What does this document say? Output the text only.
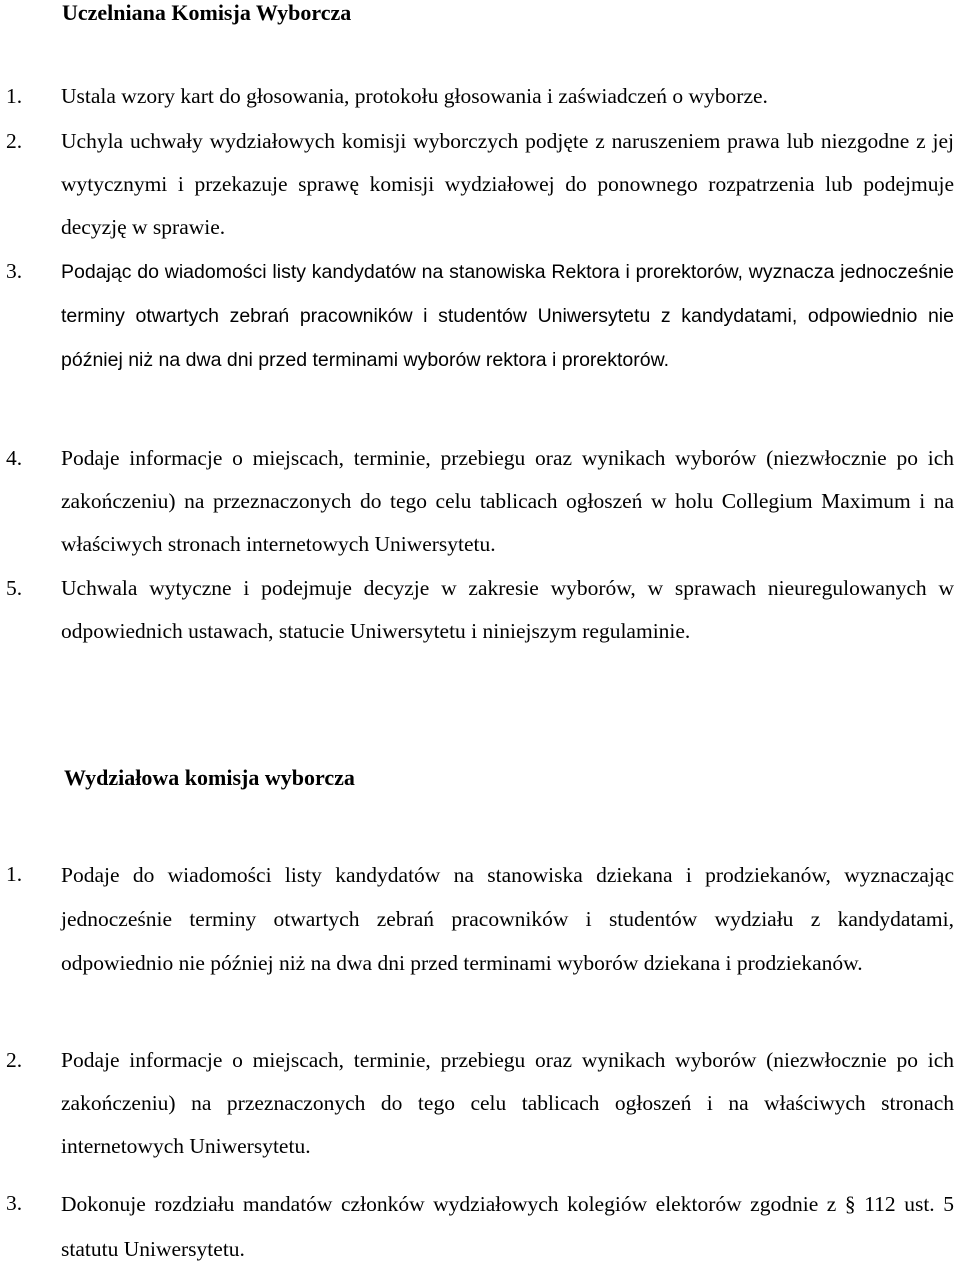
Uczelniana Komisja Wyborcza
1. Ustala wzory kart do głosowania, protokołu głosowania i zaświadczeń o wyborze.
2. Uchyla uchwały wydziałowych komisji wyborczych podjęte z naruszeniem prawa lub niezgodne z jej wytycznymi i przekazuje sprawę komisji wydziałowej do ponownego rozpatrzenia lub podejmuje decyzję w sprawie.
3. Podając do wiadomości listy kandydatów na stanowiska Rektora i prorektorów, wyznacza jednocześnie terminy otwartych zebrań pracowników i studentów Uniwersytetu z kandydatami, odpowiednio nie później niż na dwa dni przed terminami wyborów rektora i prorektorów.
4. Podaje informacje o miejscach, terminie, przebiegu oraz wynikach wyborów (niezwłocznie po ich zakończeniu) na przeznaczonych do tego celu tablicach ogłoszeń w holu Collegium Maximum i na właściwych stronach internetowych Uniwersytetu.
5. Uchwala wytyczne i podejmuje decyzje w zakresie wyborów, w sprawach nieuregulowanych w odpowiednich ustawach, statucie Uniwersytetu i niniejszym regulaminie.
Wydziałowa komisja wyborcza
1. Podaje do wiadomości listy kandydatów na stanowiska dziekana i prodziekanów, wyznaczając jednocześnie terminy otwartych zebrań pracowników i studentów wydziału z kandydatami, odpowiednio nie później niż na dwa dni przed terminami wyborów dziekana i prodziekanów.
2. Podaje informacje o miejscach, terminie, przebiegu oraz wynikach wyborów (niezwłocznie po ich zakończeniu) na przeznaczonych do tego celu tablicach ogłoszeń i na właściwych stronach internetowych Uniwersytetu.
3. Dokonuje rozdziału mandatów członków wydziałowych kolegiów elektorów zgodnie z § 112 ust. 5 statutu Uniwersytetu.
